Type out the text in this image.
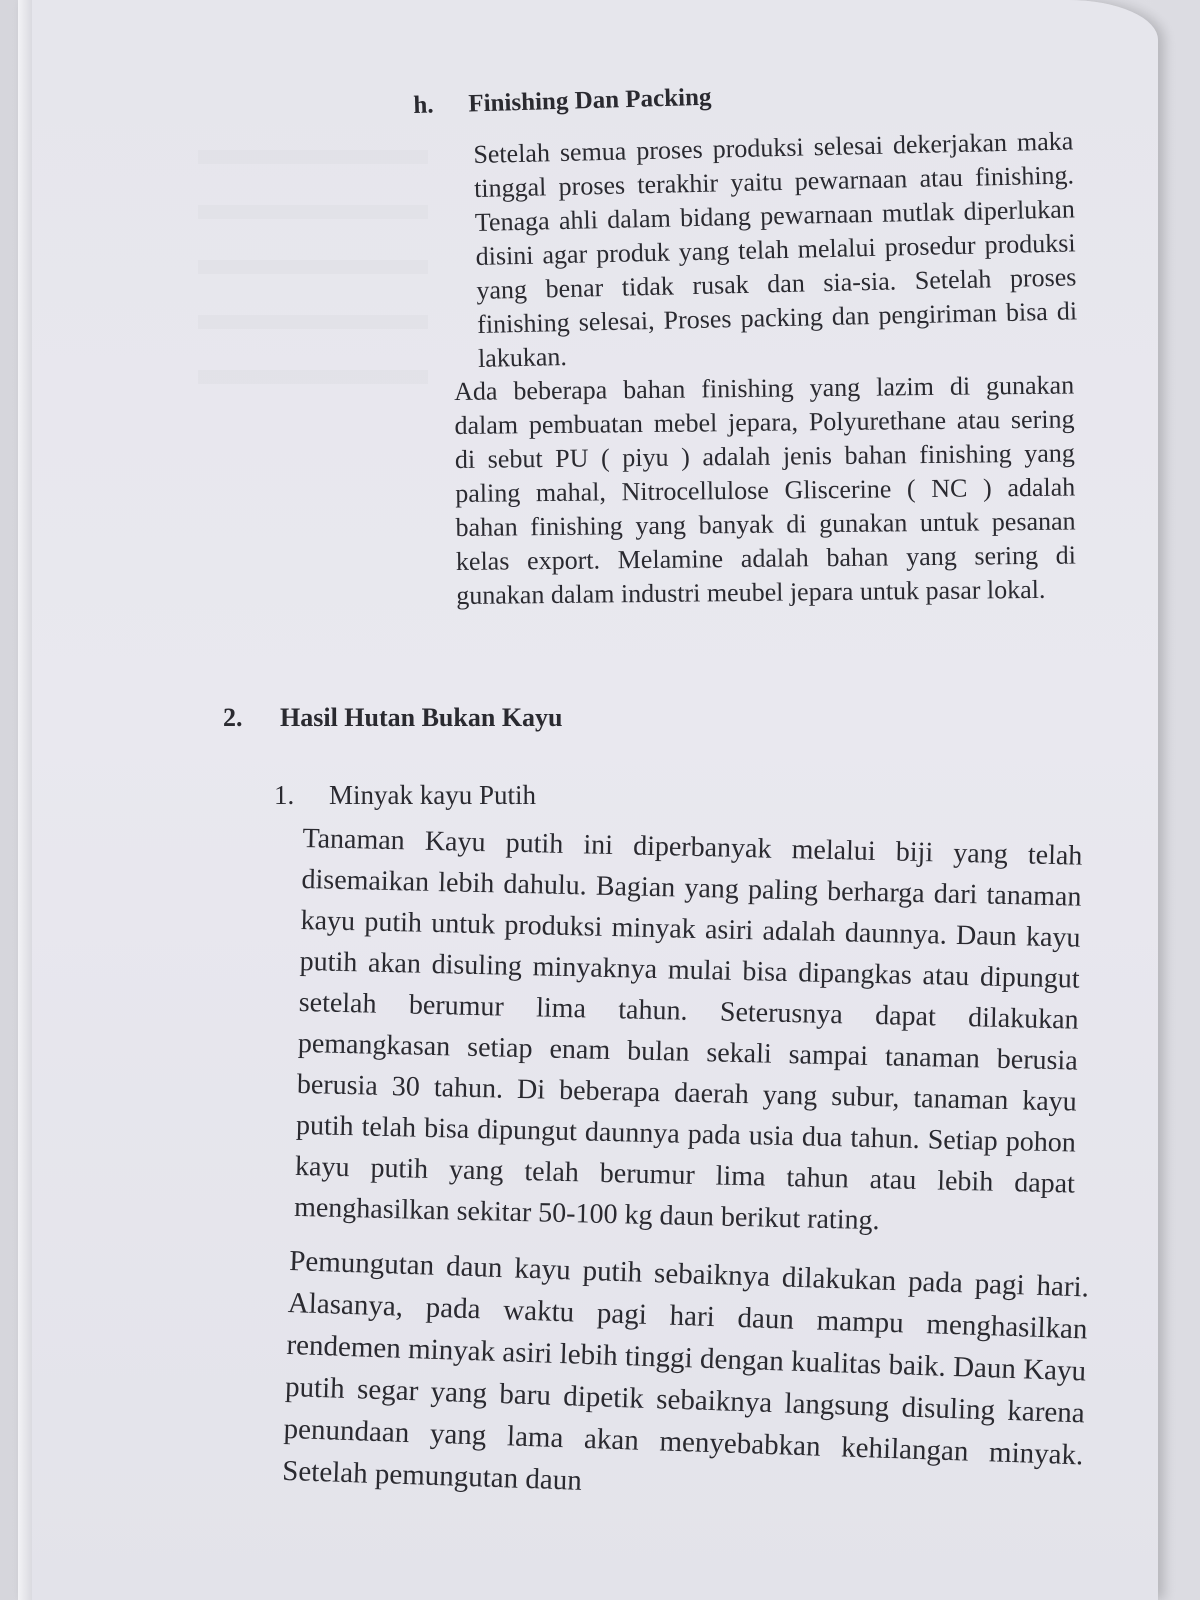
h. Finishing Dan Packing
Setelah semua proses produksi selesai dekerjakan maka tinggal proses terakhir yaitu pewarnaan atau finishing. Tenaga ahli dalam bidang pewarnaan mutlak diperlukan disini agar produk yang telah melalui prosedur produksi yang benar tidak rusak dan sia-sia. Setelah proses finishing selesai, Proses packing dan pengiriman bisa di lakukan.
Ada beberapa bahan finishing yang lazim di gunakan dalam pembuatan mebel jepara, Polyurethane atau sering di sebut PU ( piyu ) adalah jenis bahan finishing yang paling mahal, Nitrocellulose Gliscerine ( NC ) adalah bahan finishing yang banyak di gunakan untuk pesanan kelas export. Melamine adalah bahan yang sering di gunakan dalam industri meubel jepara untuk pasar lokal.
2. Hasil Hutan Bukan Kayu
1. Minyak kayu Putih
Tanaman Kayu putih ini diperbanyak melalui biji yang telah disemaikan lebih dahulu. Bagian yang paling berharga dari tanaman kayu putih untuk produksi minyak asiri adalah daunnya. Daun kayu putih akan disuling minyaknya mulai bisa dipangkas atau dipungut setelah berumur lima tahun. Seterusnya dapat dilakukan pemangkasan setiap enam bulan sekali sampai tanaman berusia berusia 30 tahun. Di beberapa daerah yang subur, tanaman kayu putih telah bisa dipungut daunnya pada usia dua tahun. Setiap pohon kayu putih yang telah berumur lima tahun atau lebih dapat menghasilkan sekitar 50-100 kg daun berikut rating.
Pemungutan daun kayu putih sebaiknya dilakukan pada pagi hari. Alasanya, pada waktu pagi hari daun mampu menghasilkan rendemen minyak asiri lebih tinggi dengan kualitas baik. Daun Kayu putih segar yang baru dipetik sebaiknya langsung disuling karena penundaan yang lama akan menyebabkan kehilangan minyak. Setelah pemungutan daun
